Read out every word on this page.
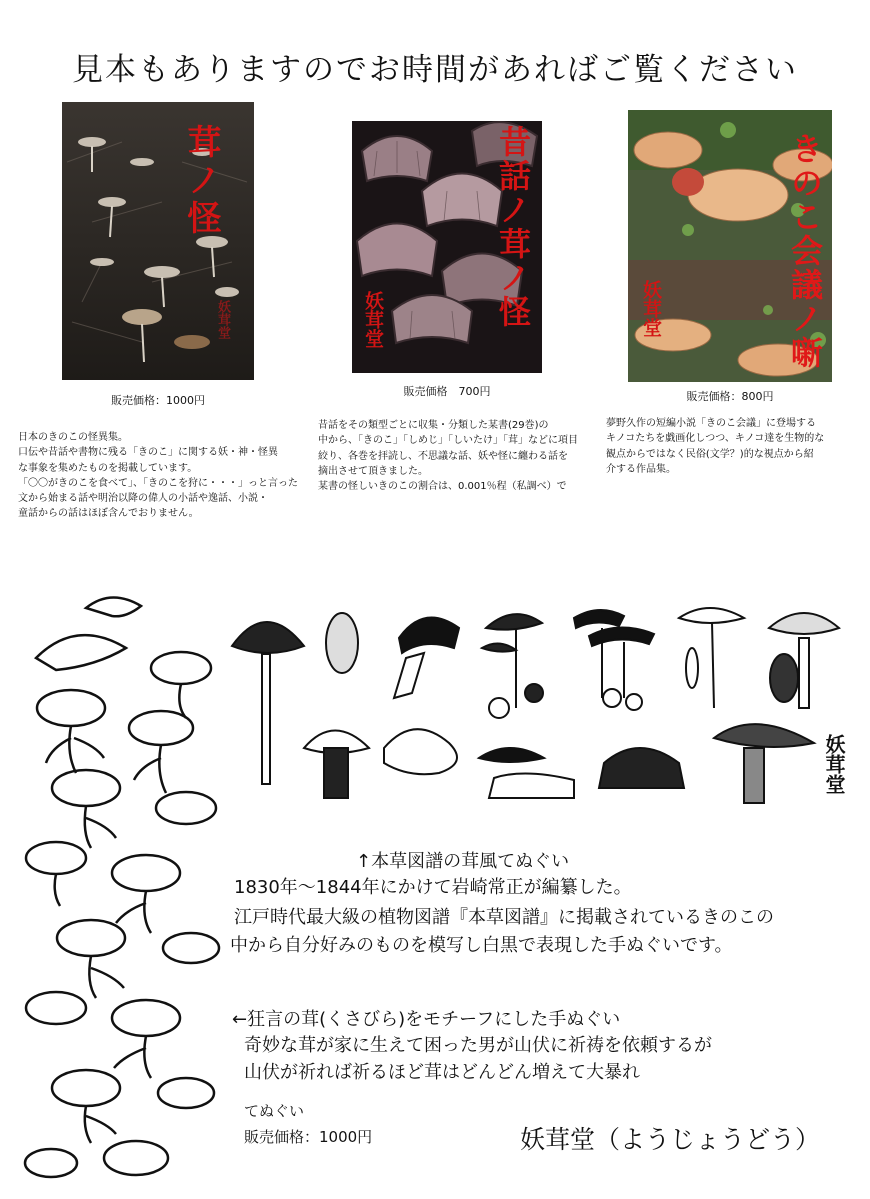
見本もありますのでお時間があればご覧ください
茸ノ怪
妖茸堂
販売価格：1000円
日本のきのこの怪異集。
口伝や昔話や書物に残る「きのこ」に関する妖・神・怪異
な事象を集めたものを掲載しています。
「〇〇がきのこを食べて」、「きのこを狩に・・・」っと言った
文から始まる話や明治以降の偉人の小話や逸話、小説・
童話からの話はほぼ含んでおりません。
昔話ノ茸ノ怪
妖茸堂
販売価格　700円
昔話をその類型ごとに収集・分類した某書(29巻)の
中から、「きのこ」「しめじ」「しいたけ」「茸」などに項目
絞り、各巻を拝読し、不思議な話、妖や怪に纏わる話を
摘出させて頂きました。
某書の怪しいきのこの割合は、0.001％程（私調べ）で
きのこ会議ノ噺
妖茸堂
販売価格：800円
夢野久作の短編小説「きのこ会議」に登場する
キノコたちを戯画化しつつ、キノコ達を生物的な
観点からではなく民俗(文学？)的な視点から紹
介する作品集。
妖茸堂
↑本草図譜の茸風てぬぐい
1830年～1844年にかけて岩崎常正が編纂した。
江戸時代最大級の植物図譜『本草図譜』に掲載されているきのこの
中から自分好みのものを模写し白黒で表現した手ぬぐいです。
←狂言の茸(くさびら)をモチーフにした手ぬぐい
奇妙な茸が家に生えて困った男が山伏に祈祷を依頼するが
山伏が祈れば祈るほど茸はどんどん増えて大暴れ
てぬぐい
販売価格：1000円	妖茸堂（ようじょうどう）
